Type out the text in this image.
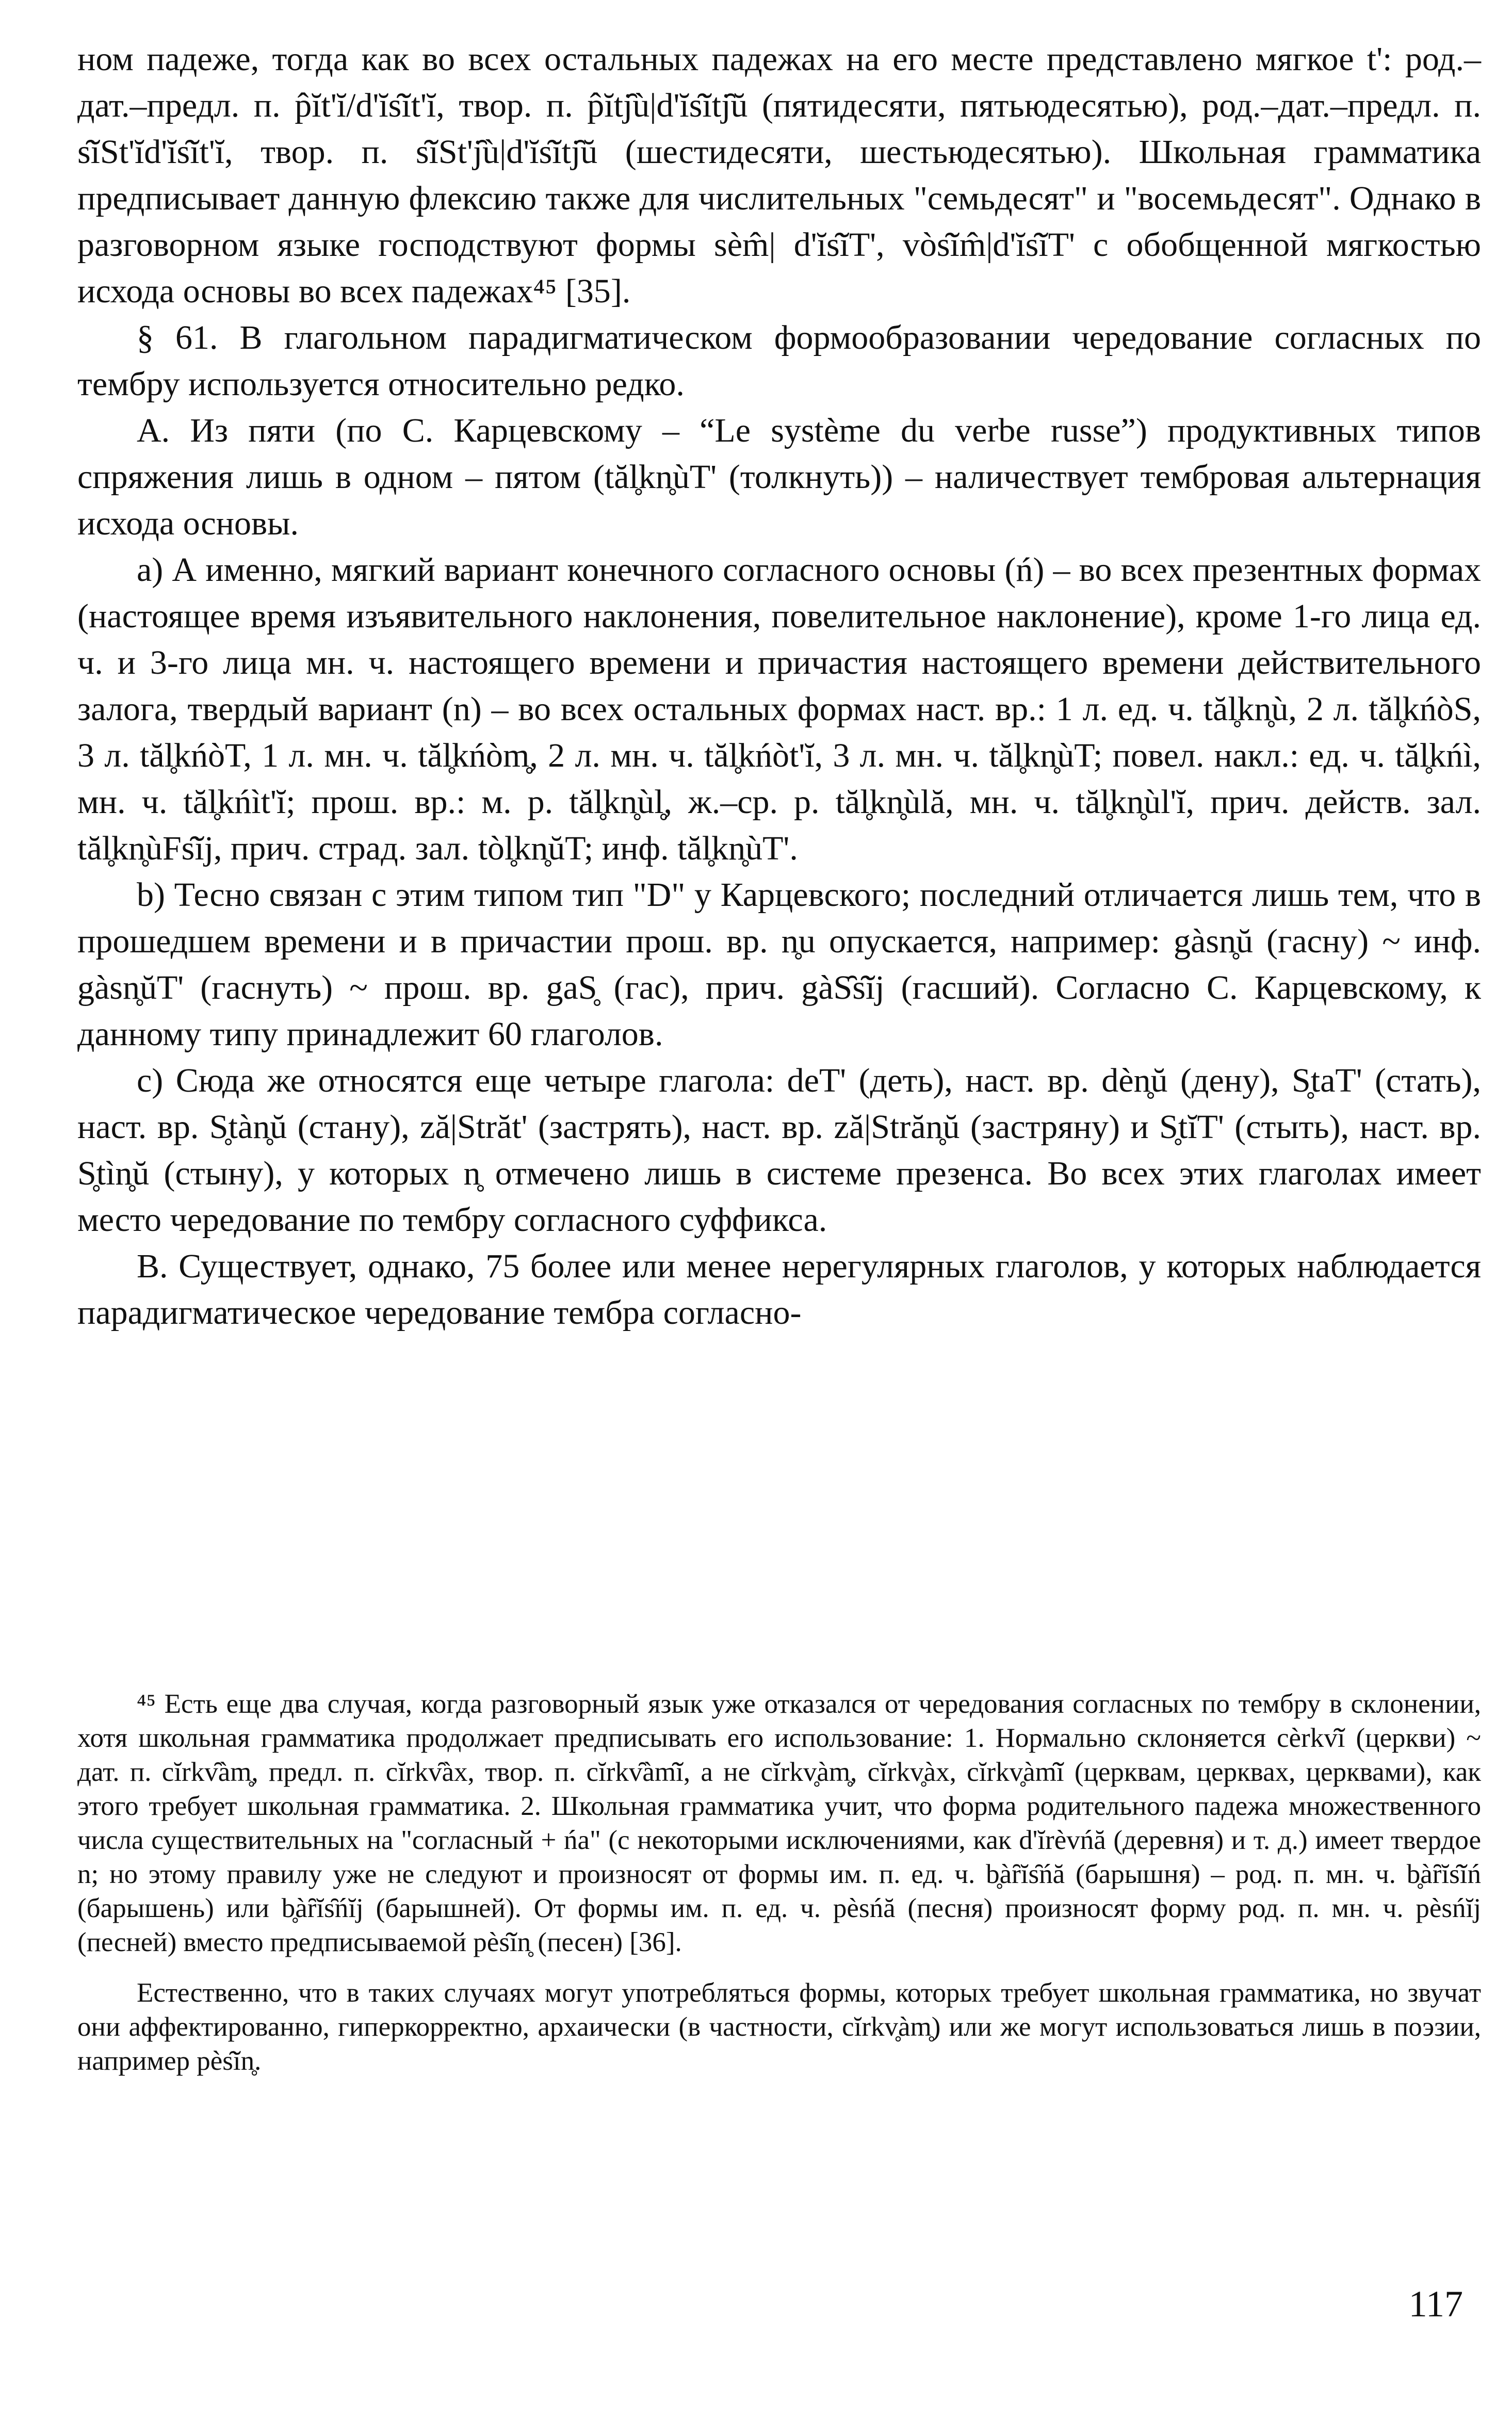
ном падеже, тогда как во всех остальных падежах на его месте представлено мягкое t': род.–дат.–предл. п. p̂ĭt'ĭ/d'ĭs̑ĭt'ĭ, твор. п. p̂ĭtj̑ù|d'ĭs̑ĭtj̑ŭ (пятидесяти, пятьюдесятью), род.–дат.–предл. п. s̑ĭSt'ĭd'ĭs̑ĭt'ĭ, твор. п. s̑ĭSt'j̑ù|d'ĭs̑ĭtj̑ŭ (шестидесяти, шестьюдесятью). Школьная грамматика предписывает данную флексию также для числительных "семьдесят" и "восемьдесят". Однако в разговорном языке господствуют формы sèm̂| d'ĭs̑ĭT', vòs̑ĭm̂|d'ĭs̑ĭT' с обобщенной мягкостью исхода основы во всех падежах⁴⁵ [35].

§ 61. В глагольном парадигматическом формообразовании чередование согласных по тембру используется относительно редко.

А. Из пяти (по С. Карцевскому – “Le système du verbe russe”) продуктивных типов спряжения лишь в одном – пятом (tăl̥kn̥ùT' (толкнуть)) – наличествует тембровая альтернация исхода основы.

а) А именно, мягкий вариант конечного согласного основы (ń) – во всех презентных формах (настоящее время изъявительного наклонения, повелительное наклонение), кроме 1-го лица ед. ч. и 3-го лица мн. ч. настоящего времени и причастия настоящего времени действительного залога, твердый вариант (n) – во всех остальных формах наст. вр.: 1 л. ед. ч. tăl̥kn̥ù, 2 л. tăl̥kńòS, 3 л. tăl̥kńòT, 1 л. мн. ч. tăl̥kńòm̥, 2 л. мн. ч. tăl̥kńòt'ĭ, 3 л. мн. ч. tăl̥kn̥ùT; повел. накл.: ед. ч. tăl̥kńì, мн. ч. tăl̥kńìt'ĭ; прош. вр.: м. р. tăl̥kn̥ùl̥, ж.–ср. р. tăl̥kn̥ùlă, мн. ч. tăl̥kn̥ùl'ĭ, прич. действ. зал. tăl̥kn̥ùFs̑ĭj, прич. страд. зал. tòl̥kn̥ŭT; инф. tăl̥kn̥ùT'.

b) Тесно связан с этим типом тип "D" у Карцевского; последний отличается лишь тем, что в прошедшем времени и в причастии прош. вр. n̥u опускается, например: gàsn̥ŭ (гасну) ~ инф. gàsn̥ŭT' (гаснуть) ~ прош. вр. gaS̥ (гас), прич. gàS̑s̑ĭj (гасший). Согласно С. Карцевскому, к данному типу принадлежит 60 глаголов.

с) Сюда же относятся еще четыре глагола: deT' (деть), наст. вр. dèn̥ŭ (дену), S̥taT' (стать), наст. вр. S̥tàn̥ŭ (стану), ză|Străt' (застрять), наст. вр. ză|Străn̥ŭ (застряну) и S̥tĭT' (стыть), наст. вр. S̥tìn̥ŭ (стыну), у которых n̥ отмечено лишь в системе презенса. Во всех этих глаголах имеет место чередование по тембру согласного суффикса.

В. Существует, однако, 75 более или менее нерегулярных глаголов, у которых наблюдается парадигматическое чередование тембра согласно-

⁴⁵ Есть еще два случая, когда разговорный язык уже отказался от чередования согласных по тембру в склонении, хотя школьная грамматика продолжает предписывать его использование: 1. Нормально склоняется cèrkv̑ĭ (церкви) ~ дат. п. cĭrkv̑àm̥, предл. п. cĭrkv̑àx, твор. п. cĭrkv̑àm̑ĭ, а не cĭrkv̥àm̥, cĭrkv̥àx, cĭrkv̥àm̑ĭ (церквам, церквах, церквами), как этого требует школьная грамматика. 2. Школьная грамматика учит, что форма родительного падежа множественного числа существительных на "согласный + ńa" (с некоторыми исключениями, как d'ĭrèvńă (деревня) и т. д.) имеет твердое n; но этому правилу уже не следуют и произносят от формы им. п. ед. ч. b̥àȓĭs̑ńă (барышня) – род. п. мн. ч. b̥àȓĭs̑ĭń (барышень) или b̥àȓĭs̑ńĭj (барышней). От формы им. п. ед. ч. pèsńă (песня) произносят форму род. п. мн. ч. pèsńĭj (песней) вместо предписываемой pès̑ĭn̥ (песен) [36].

Естественно, что в таких случаях могут употребляться формы, которых требует школьная грамматика, но звучат они аффектированно, гиперкорректно, архаически (в частности, cĭrkv̥àm̥) или же могут использоваться лишь в поэзии, например pès̑ĭn̥.

117
